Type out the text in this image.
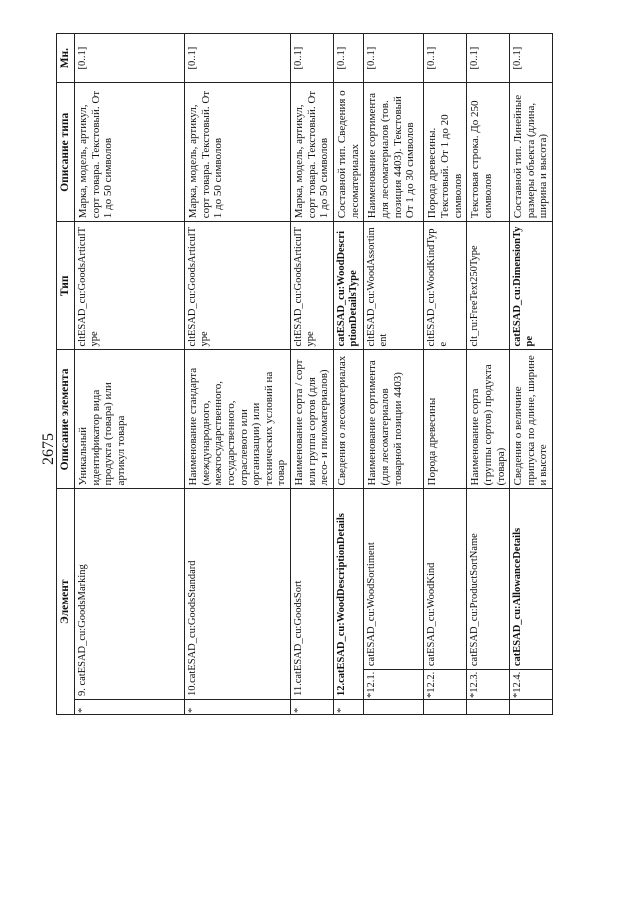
2675
Элемент			Описание элемента	Тип	Описание типа	Мн.
*	9. catESAD_cu:GoodsMarking		Уникальный идентификатор вида продукта (товара) или артикул товара	cltESAD_cu:GoodsArticulType	Марка, модель, артикул, сорт товара. Текстовый. От 1 до 50 символов	[0..1]
*	10.catESAD_cu:GoodsStandard		Наименование стандарта (международного, межгосударственного, государственного, отраслевого или организации) или технических условий на товар	cltESAD_cu:GoodsArticulType	Марка, модель, артикул, сорт товара. Текстовый. От 1 до 50 символов	[0..1]
*	11.catESAD_cu:GoodsSort		Наименование сорта / сорт или группа сортов (для лесо- и пиломатериалов)	cltESAD_cu:GoodsArticulType	Марка, модель, артикул, сорт товара. Текстовый. От 1 до 50 символов	[0..1]
*	12.catESAD_cu:WoodDescriptionDetails		Сведения о лесоматериалах	catESAD_cu:WoodDescriptionDetailsType	Составной тип. Сведения о лесоматериалах	[0..1]
	*12.1.	catESAD_cu:WoodSortiment	Наименование сортимента (для лесоматериалов товарной позиции 4403)	cltESAD_cu:WoodAssortiment	Наименование сортимента для лесоматериалов (тов. позиция 4403). Текстовый От 1 до 30 символов	[0..1]
	*12.2.	catESAD_cu:WoodKind	Порода древесины	cltESAD_cu:WoodKindType	Порода древесины. Текстовый. От 1 до 20 символов	[0..1]
	*12.3.	catESAD_cu:ProductSortName	Наименование сорта (группы сортов) продукта (товара)	clt_ru:FreeText250Type	Текстовая строка. До 250 символов	[0..1]
	*12.4.	catESAD_cu:AllowanceDetails	Сведения о величине припуска по длине, ширине и высоте	catESAD_cu:DimensionType	Составной тип. Линейные размеры объекта (длина, ширина и высота)	[0..1]
